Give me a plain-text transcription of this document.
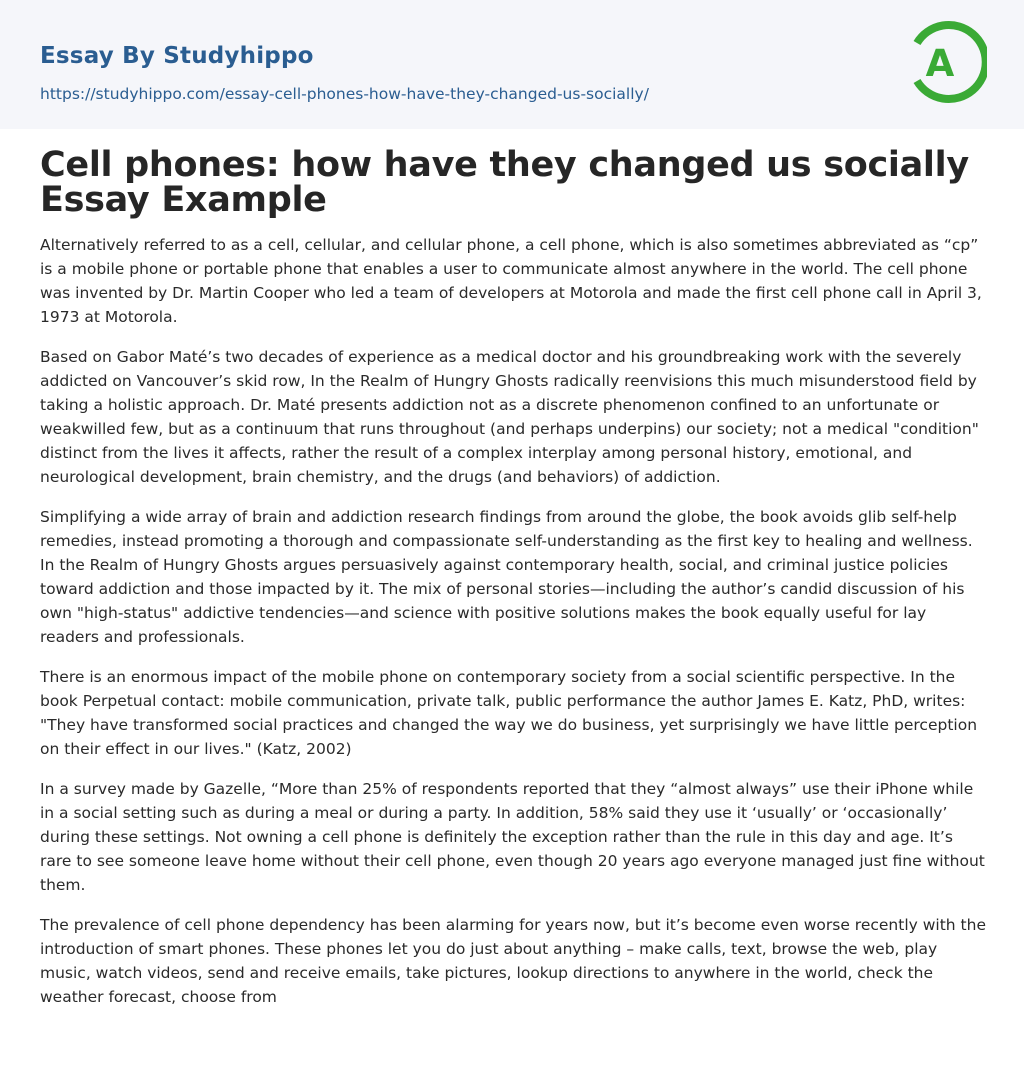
Essay By Studyhippo
https://studyhippo.com/essay-cell-phones-how-have-they-changed-us-socially/
A
Cell phones: how have they changed us socially Essay Example

Alternatively referred to as a cell, cellular, and cellular phone, a cell phone, which is also sometimes abbreviated as “cp” is a mobile phone or portable phone that enables a user to communicate almost anywhere in the world. The cell phone was invented by Dr. Martin Cooper who led a team of developers at Motorola and made the first cell phone call in April 3, 1973 at Motorola.

Based on Gabor Maté’s two decades of experience as a medical doctor and his groundbreaking work with the severely addicted on Vancouver’s skid row, In the Realm of Hungry Ghosts radically reenvisions this much misunderstood field by taking a holistic approach. Dr. Maté presents addiction not as a discrete phenomenon confined to an unfortunate or weakwilled few, but as a continuum that runs throughout (and perhaps underpins) our society; not a medical "condition" distinct from the lives it affects, rather the result of a complex interplay among personal history, emotional, and neurological development, brain chemistry, and the drugs (and behaviors) of addiction.

Simplifying a wide array of brain and addiction research findings from around the globe, the book avoids glib self-help remedies, instead promoting a thorough and compassionate self-understanding as the first key to healing and wellness. In the Realm of Hungry Ghosts argues persuasively against contemporary health, social, and criminal justice policies toward addiction and those impacted by it. The mix of personal stories—including the author’s candid discussion of his own "high-status" addictive tendencies—and science with positive solutions makes the book equally useful for lay readers and professionals.

There is an enormous impact of the mobile phone on contemporary society from a social scientific perspective. In the book Perpetual contact: mobile communication, private talk, public performance the author James E. Katz, PhD, writes: "They have transformed social practices and changed the way we do business, yet surprisingly we have little perception on their effect in our lives." (Katz, 2002)

In a survey made by Gazelle, “More than 25% of respondents reported that they “almost always” use their iPhone while in a social setting such as during a meal or during a party. In addition, 58% said they use it ‘usually’ or ‘occasionally’ during these settings. Not owning a cell phone is definitely the exception rather than the rule in this day and age. It’s rare to see someone leave home without their cell phone, even though 20 years ago everyone managed just fine without them.

The prevalence of cell phone dependency has been alarming for years now, but it’s become even worse recently with the introduction of smart phones. These phones let you do just about anything – make calls, text, browse the web, play music, watch videos, send and receive emails, take pictures, lookup directions to anywhere in the world, check the weather forecast, choose from
